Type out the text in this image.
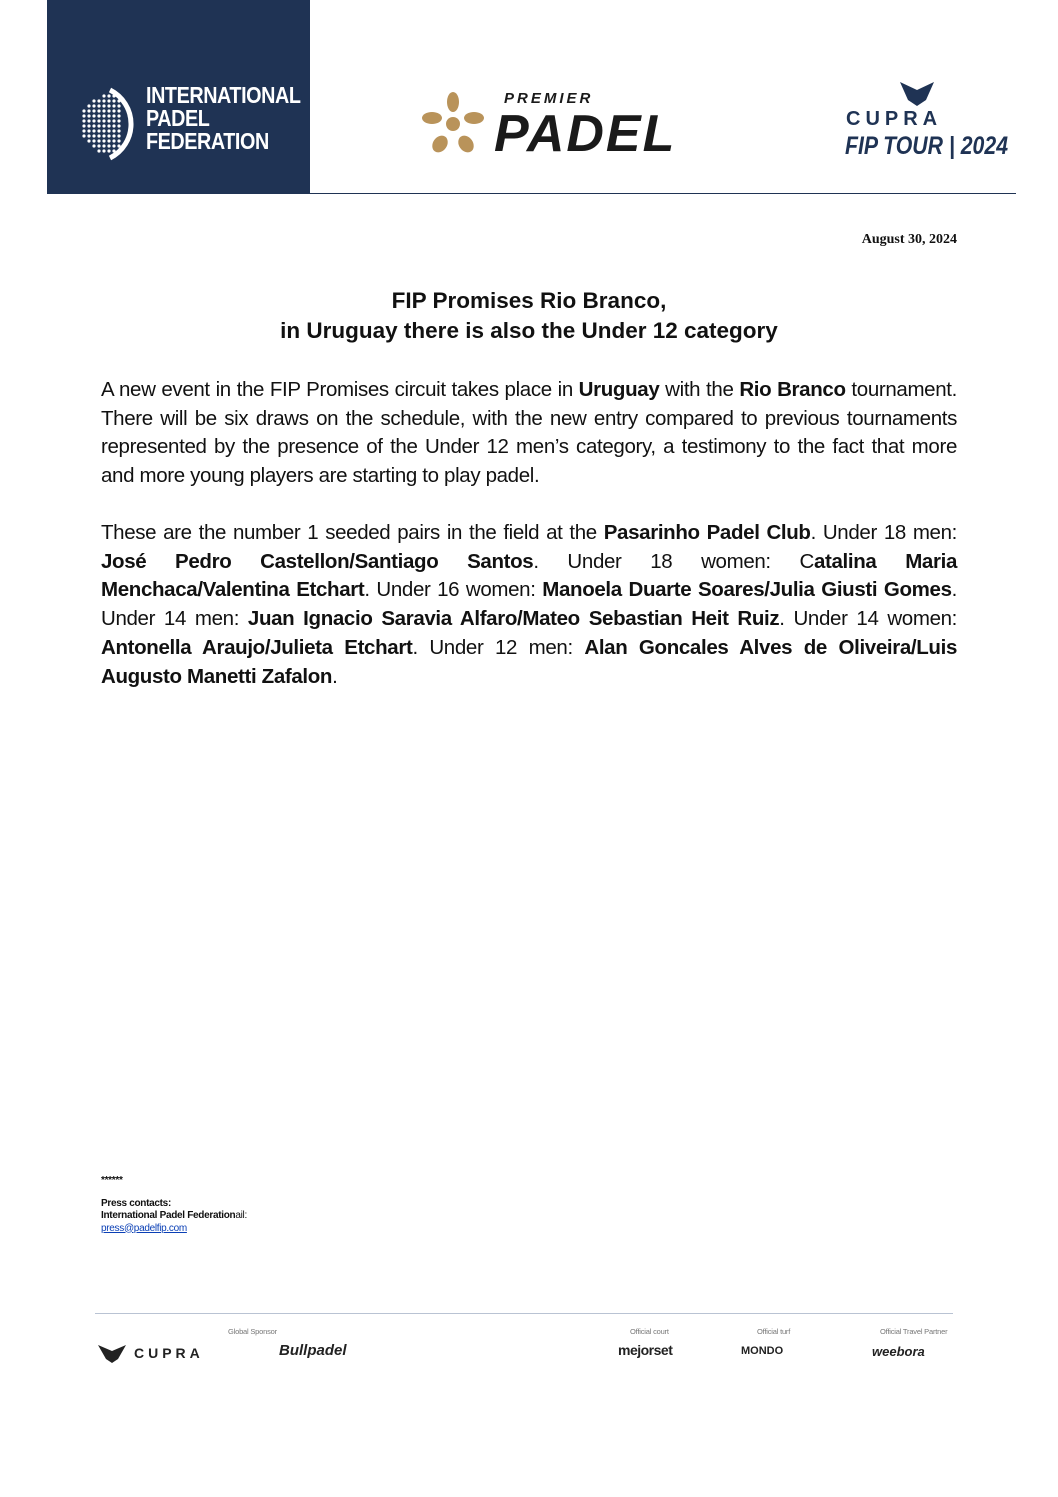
INTERNATIONAL
PADEL
FEDERATION
PREMIER
PADEL	CUPRA
FIP TOUR | 2024
August 30, 2024
FIP Promises Rio Branco,
in Uruguay there is also the Under 12 category

A new event in the FIP Promises circuit takes place in Uruguay with the Rio Branco tournament. There will be six draws on the schedule, with the new entry compared to previous tournaments represented by the presence of the Under 12 men’s category, a testimony to the fact that more and more young players are starting to play padel.

These are the number 1 seeded pairs in the field at the Pasarinho Padel Club. Under 18 men: José Pedro Castellon/Santiago Santos. Under 18 women: Catalina Maria Menchaca/Valentina Etchart. Under 16 women: Manoela Duarte Soares/Julia Giusti Gomes. Under 14 men: Juan Ignacio Saravia Alfaro/Mateo Sebastian Heit Ruiz. Under 14 women: Antonella Araujo/Julieta Etchart. Under 12 men: Alan Goncales Alves de Oliveira/Luis Augusto Manetti Zafalon.

******
Press contacts:
International Padel Federationail:
press@padelfip.com
Global Sponsor
CUPRA	Bullpadel
Official court
mejorset
Official turf
MONDO
Official Travel Partner
weebora
